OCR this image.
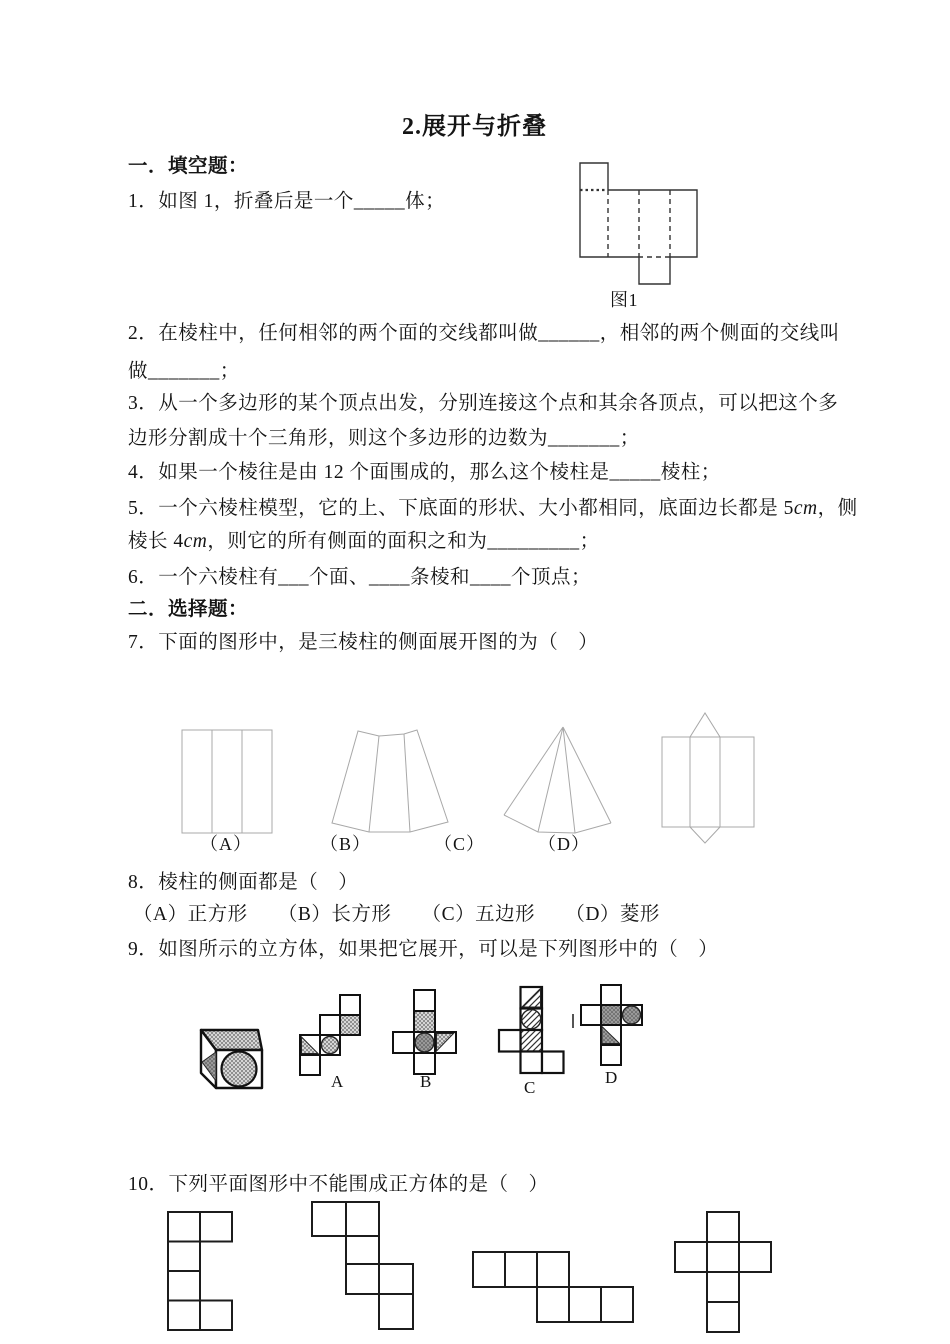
2.展开与折叠
一．填空题：
1．如图 1，折叠后是一个_____体；
图1
2．在棱柱中，任何相邻的两个面的交线都叫做______，相邻的两个侧面的交线叫
做_______；
3．从一个多边形的某个顶点出发，分别连接这个点和其余各顶点，可以把这个多
边形分割成十个三角形，则这个多边形的边数为_______；
4．如果一个棱往是由 12 个面围成的，那么这个棱柱是_____棱柱；
5．一个六棱柱模型，它的上、下底面的形状、大小都相同，底面边长都是 5cm，侧
棱长 4cm，则它的所有侧面的面积之和为_________；
6．一个六棱柱有___个面、____条棱和____个顶点；
二．选择题：
7．下面的图形中，是三棱柱的侧面展开图的为（　）
（A）	（B）	（C）	（D）
8．棱柱的侧面都是（　）
（A）正方形　　（B）长方形　　（C）五边形　　（D）菱形
9．如图所示的立方体，如果把它展开，可以是下列图形中的（　）
A	B	C
D
10．下列平面图形中不能围成正方体的是（　）
